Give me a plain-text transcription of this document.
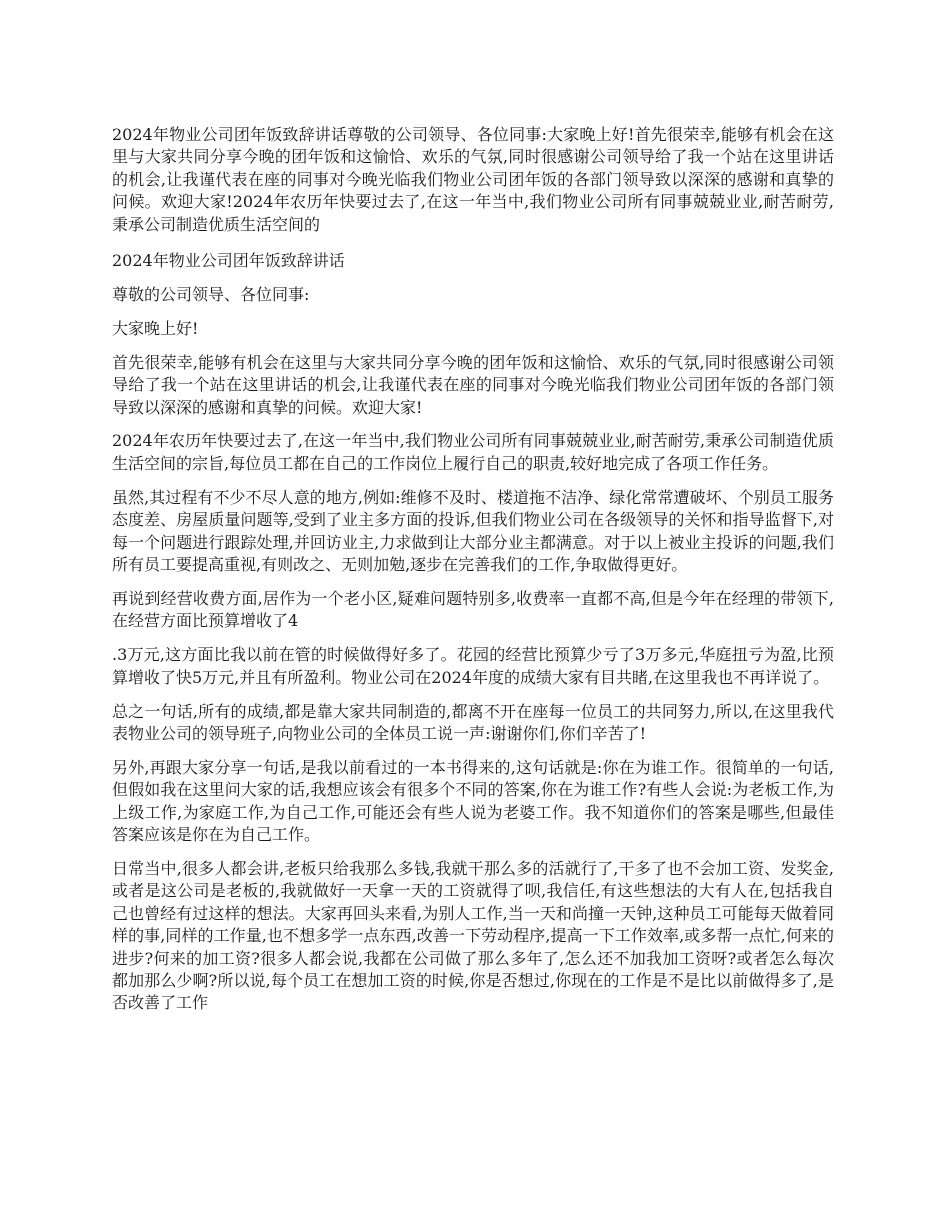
2024年物业公司团年饭致辞讲话尊敬的公司领导、各位同事:大家晚上好!首先很荣幸,能够有机会在这里与大家共同分享今晚的团年饭和这愉恰、欢乐的气氛,同时很感谢公司领导给了我一个站在这里讲话的机会,让我谨代表在座的同事对今晚光临我们物业公司团年饭的各部门领导致以深深的感谢和真挚的问候。欢迎大家!2024年农历年快要过去了,在这一年当中,我们物业公司所有同事兢兢业业,耐苦耐劳,秉承公司制造优质生活空间的

2024年物业公司团年饭致辞讲话

尊敬的公司领导、各位同事:

大家晚上好!

首先很荣幸,能够有机会在这里与大家共同分享今晚的团年饭和这愉恰、欢乐的气氛,同时很感谢公司领导给了我一个站在这里讲话的机会,让我谨代表在座的同事对今晚光临我们物业公司团年饭的各部门领导致以深深的感谢和真挚的问候。欢迎大家!

2024年农历年快要过去了,在这一年当中,我们物业公司所有同事兢兢业业,耐苦耐劳,秉承公司制造优质生活空间的宗旨,每位员工都在自己的工作岗位上履行自己的职责,较好地完成了各项工作任务。

虽然,其过程有不少不尽人意的地方,例如:维修不及时、楼道拖不洁净、绿化常常遭破坏、个别员工服务态度差、房屋质量问题等,受到了业主多方面的投诉,但我们物业公司在各级领导的关怀和指导监督下,对每一个问题进行跟踪处理,并回访业主,力求做到让大部分业主都满意。对于以上被业主投诉的问题,我们所有员工要提高重视,有则改之、无则加勉,逐步在完善我们的工作,争取做得更好。

再说到经营收费方面,居作为一个老小区,疑难问题特别多,收费率一直都不高,但是今年在经理的带领下,在经营方面比预算增收了4

.3万元,这方面比我以前在管的时候做得好多了。花园的经营比预算少亏了3万多元,华庭扭亏为盈,比预算增收了快5万元,并且有所盈利。物业公司在2024年度的成绩大家有目共睹,在这里我也不再详说了。

总之一句话,所有的成绩,都是靠大家共同制造的,都离不开在座每一位员工的共同努力,所以,在这里我代 表物业公司的领导班子,向物业公司的全体员工说一声:谢谢你们,你们辛苦了!

另外,再跟大家分享一句话,是我以前看过的一本书得来的,这句话就是:你在为谁工作。很简单的一句话,但假如我在这里问大家的话,我想应该会有很多个不同的答案,你在为谁工作?有些人会说:为老板工作,为上级工作,为家庭工作,为自己工作,可能还会有些人说为老婆工作。我不知道你们的答案是哪些,但最佳答案应该是你在为自己工作。

日常当中,很多人都会讲,老板只给我那么多钱,我就干那么多的活就行了,干多了也不会加工资、发奖金,或者是这公司是老板的,我就做好一天拿一天的工资就得了呗,我信任,有这些想法的大有人在,包括我自己也曾经有过这样的想法。大家再回头来看,为别人工作,当一天和尚撞一天钟,这种员工可能每天做着同样的事,同样的工作量,也不想多学一点东西,改善一下劳动程序,提高一下工作效率,或多帮一点忙,何来的进步?何来的加工资?很多人都会说,我都在公司做了那么多年了,怎么还不加我加工资呀?或者怎么每次都加那么少啊?所以说,每个员工在想加工资的时候,你是否想过,你现在的工作是不是比以前做得多了,是否改善了工作
